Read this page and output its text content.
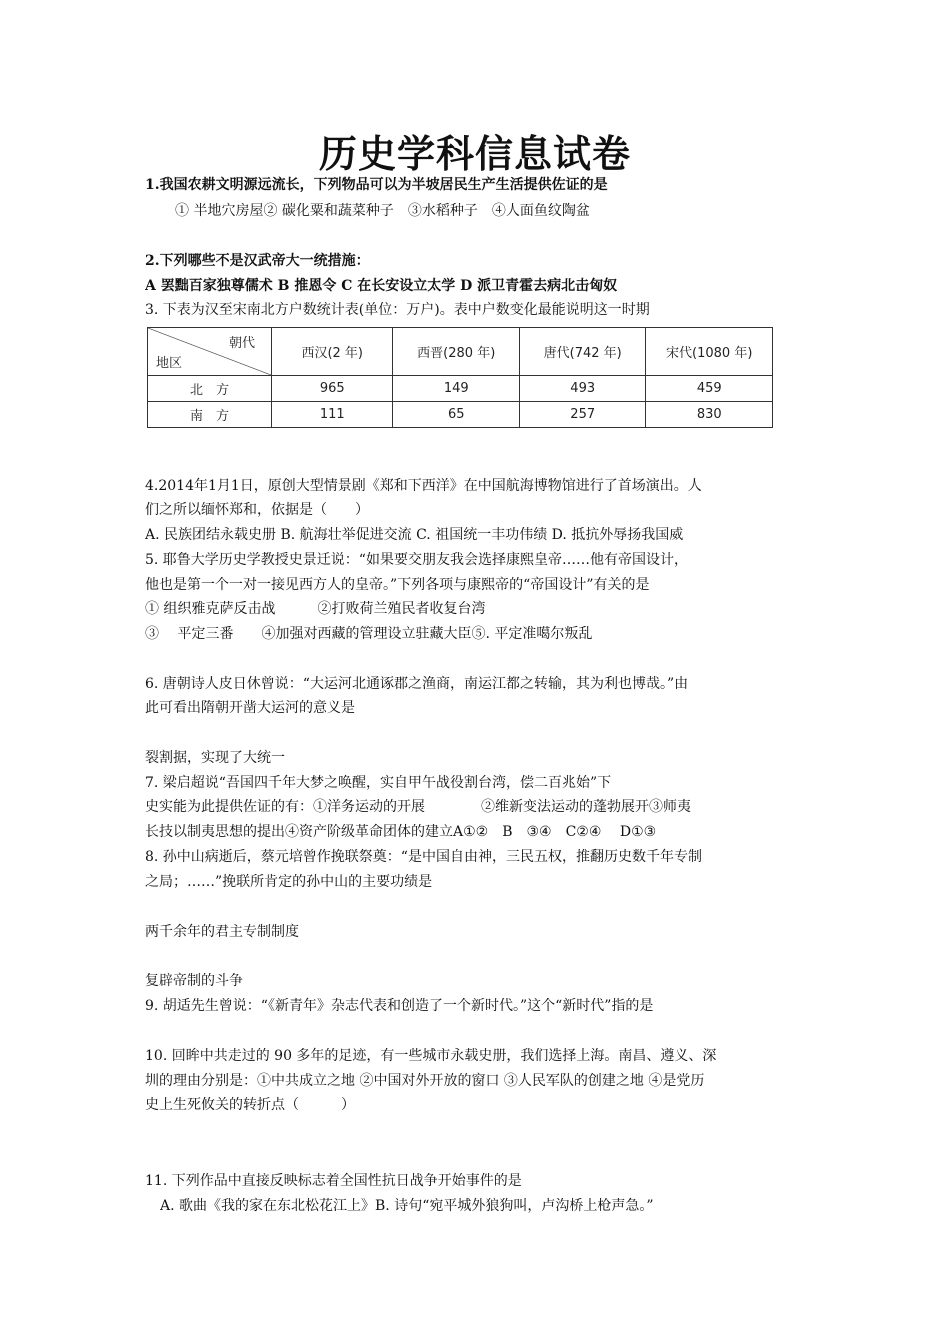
历史学科信息试卷
1.我国农耕文明源远流长，下列物品可以为半坡居民生产生活提供佐证的是
① 半地穴房屋② 碳化粟和蔬菜种子　③水稻种子　④人面鱼纹陶盆
2.下列哪些不是汉武帝大一统措施：
A 罢黜百家独尊儒术 B 推恩令 C 在长安设立太学 D 派卫青霍去病北击匈奴
3. 下表为汉至宋南北方户数统计表(单位：万户)。表中户数变化最能说明这一时期
朝代
地区	西汉(2 年)	西晋(280 年)	唐代(742 年)	宋代(1080 年)
北　方	965	149	493	459
南　方	111	65	257	830
4.2014年1月1日，原创大型情景剧《郑和下西洋》在中国航海博物馆进行了首场演出。人
们之所以缅怀郑和，依据是（　　）
A. 民族团结永载史册 B. 航海壮举促进交流 C. 祖国统一丰功伟绩 D. 抵抗外辱扬我国威
5. 耶鲁大学历史学教授史景迁说：“如果要交朋友我会选择康熙皇帝……他有帝国设计，
他也是第一个一对一接见西方人的皇帝。”下列各项与康熙帝的“帝国设计”有关的是
① 组织雅克萨反击战　　　②打败荷兰殖民者收复台湾
③　 平定三番　　④加强对西藏的管理设立驻藏大臣⑤. 平定准噶尔叛乱
6. 唐朝诗人皮日休曾说：“大运河北通诼郡之渔商，南运江都之转输，其为利也博哉。”由
此可看出隋朝开凿大运河的意义是
裂割据，实现了大统一
7. 梁启超说“吾国四千年大梦之唤醒，实自甲午战役割台湾，偿二百兆始”下
史实能为此提供佐证的有：①洋务运动的开展　　　　②维新变法运动的蓬勃展开③师夷
长技以制夷思想的提出④资产阶级革命团体的建立A①②　B　③④　C②④　 D①③
8. 孙中山病逝后，蔡元培曾作挽联祭奠：“是中国自由神，三民五权，推翻历史数千年专制
之局；……”挽联所肯定的孙中山的主要功绩是
两千余年的君主专制制度
复辟帝制的斗争
9. 胡适先生曾说：“《新青年》杂志代表和创造了一个新时代。”这个“新时代”指的是
10. 回眸中共走过的 90 多年的足迹，有一些城市永载史册，我们选择上海。南昌、遵义、深
圳的理由分别是：①中共成立之地 ②中国对外开放的窗口 ③人民军队的创建之地 ④是党历
史上生死攸关的转折点（　　　）
11. 下列作品中直接反映标志着全国性抗日战争开始事件的是
A. 歌曲《我的家在东北松花江上》B. 诗句“宛平城外狼狗叫，卢沟桥上枪声急。”
